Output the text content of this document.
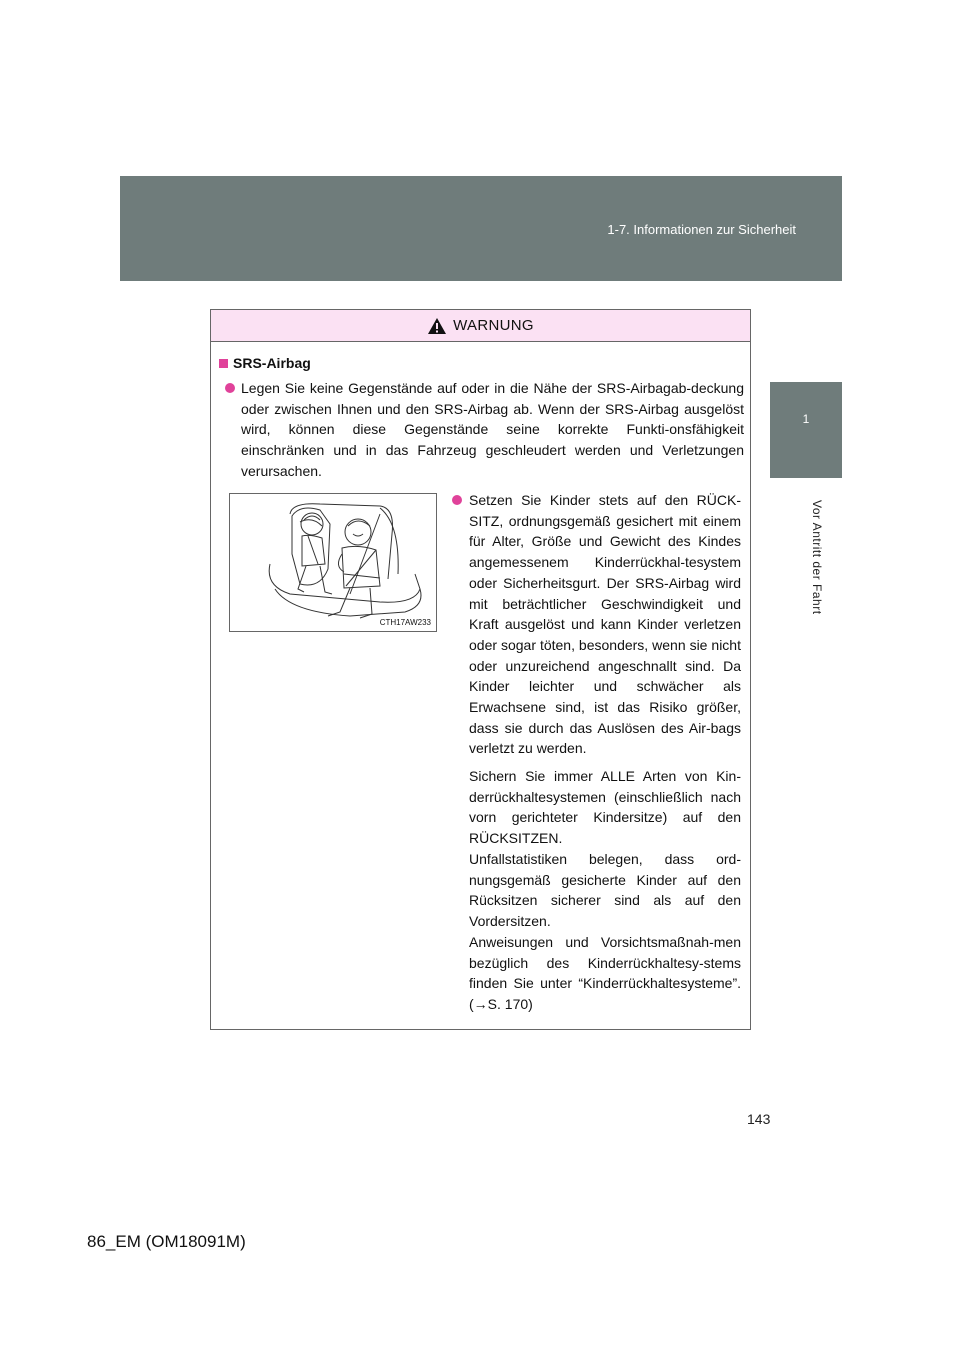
1-7. Informationen zur Sicherheit
1
Vor Antritt der Fahrt
WARNUNG
SRS-Airbag

Legen Sie keine Gegenstände auf oder in die Nähe der SRS-Airbagab-deckung oder zwischen Ihnen und den SRS-Airbag ab. Wenn der SRS-Airbag ausgelöst wird, können diese Gegenstände seine korrekte Funkti-onsfähigkeit einschränken und in das Fahrzeug geschleudert werden und Verletzungen verursachen.

CTH17AW233

Setzen Sie Kinder stets auf den RÜCK-SITZ, ordnungsgemäß gesichert mit einem für Alter, Größe und Gewicht des Kindes angemessenem Kinderrückhal-tesystem oder Sicherheitsgurt. Der SRS-Airbag wird mit beträchtlicher Geschwindigkeit und Kraft ausgelöst und kann Kinder verletzen oder sogar töten, besonders, wenn sie nicht oder unzureichend angeschnallt sind. Da Kinder leichter und schwächer als Erwachsene sind, ist das Risiko größer, dass sie durch das Auslösen des Air-bags verletzt zu werden.

Sichern Sie immer ALLE Arten von Kin-derrückhaltesystemen (einschließlich nach vorn gerichteter Kindersitze) auf den RÜCKSITZEN.

Unfallstatistiken belegen, dass ord-nungsgemäß gesicherte Kinder auf den Rücksitzen sicherer sind als auf den Vordersitzen.

Anweisungen und Vorsichtsmaßnah-men bezüglich des Kinderrückhaltesy-stems finden Sie unter “Kinderrückhaltesysteme”. (→S. 170)

143
86_EM (OM18091M)
